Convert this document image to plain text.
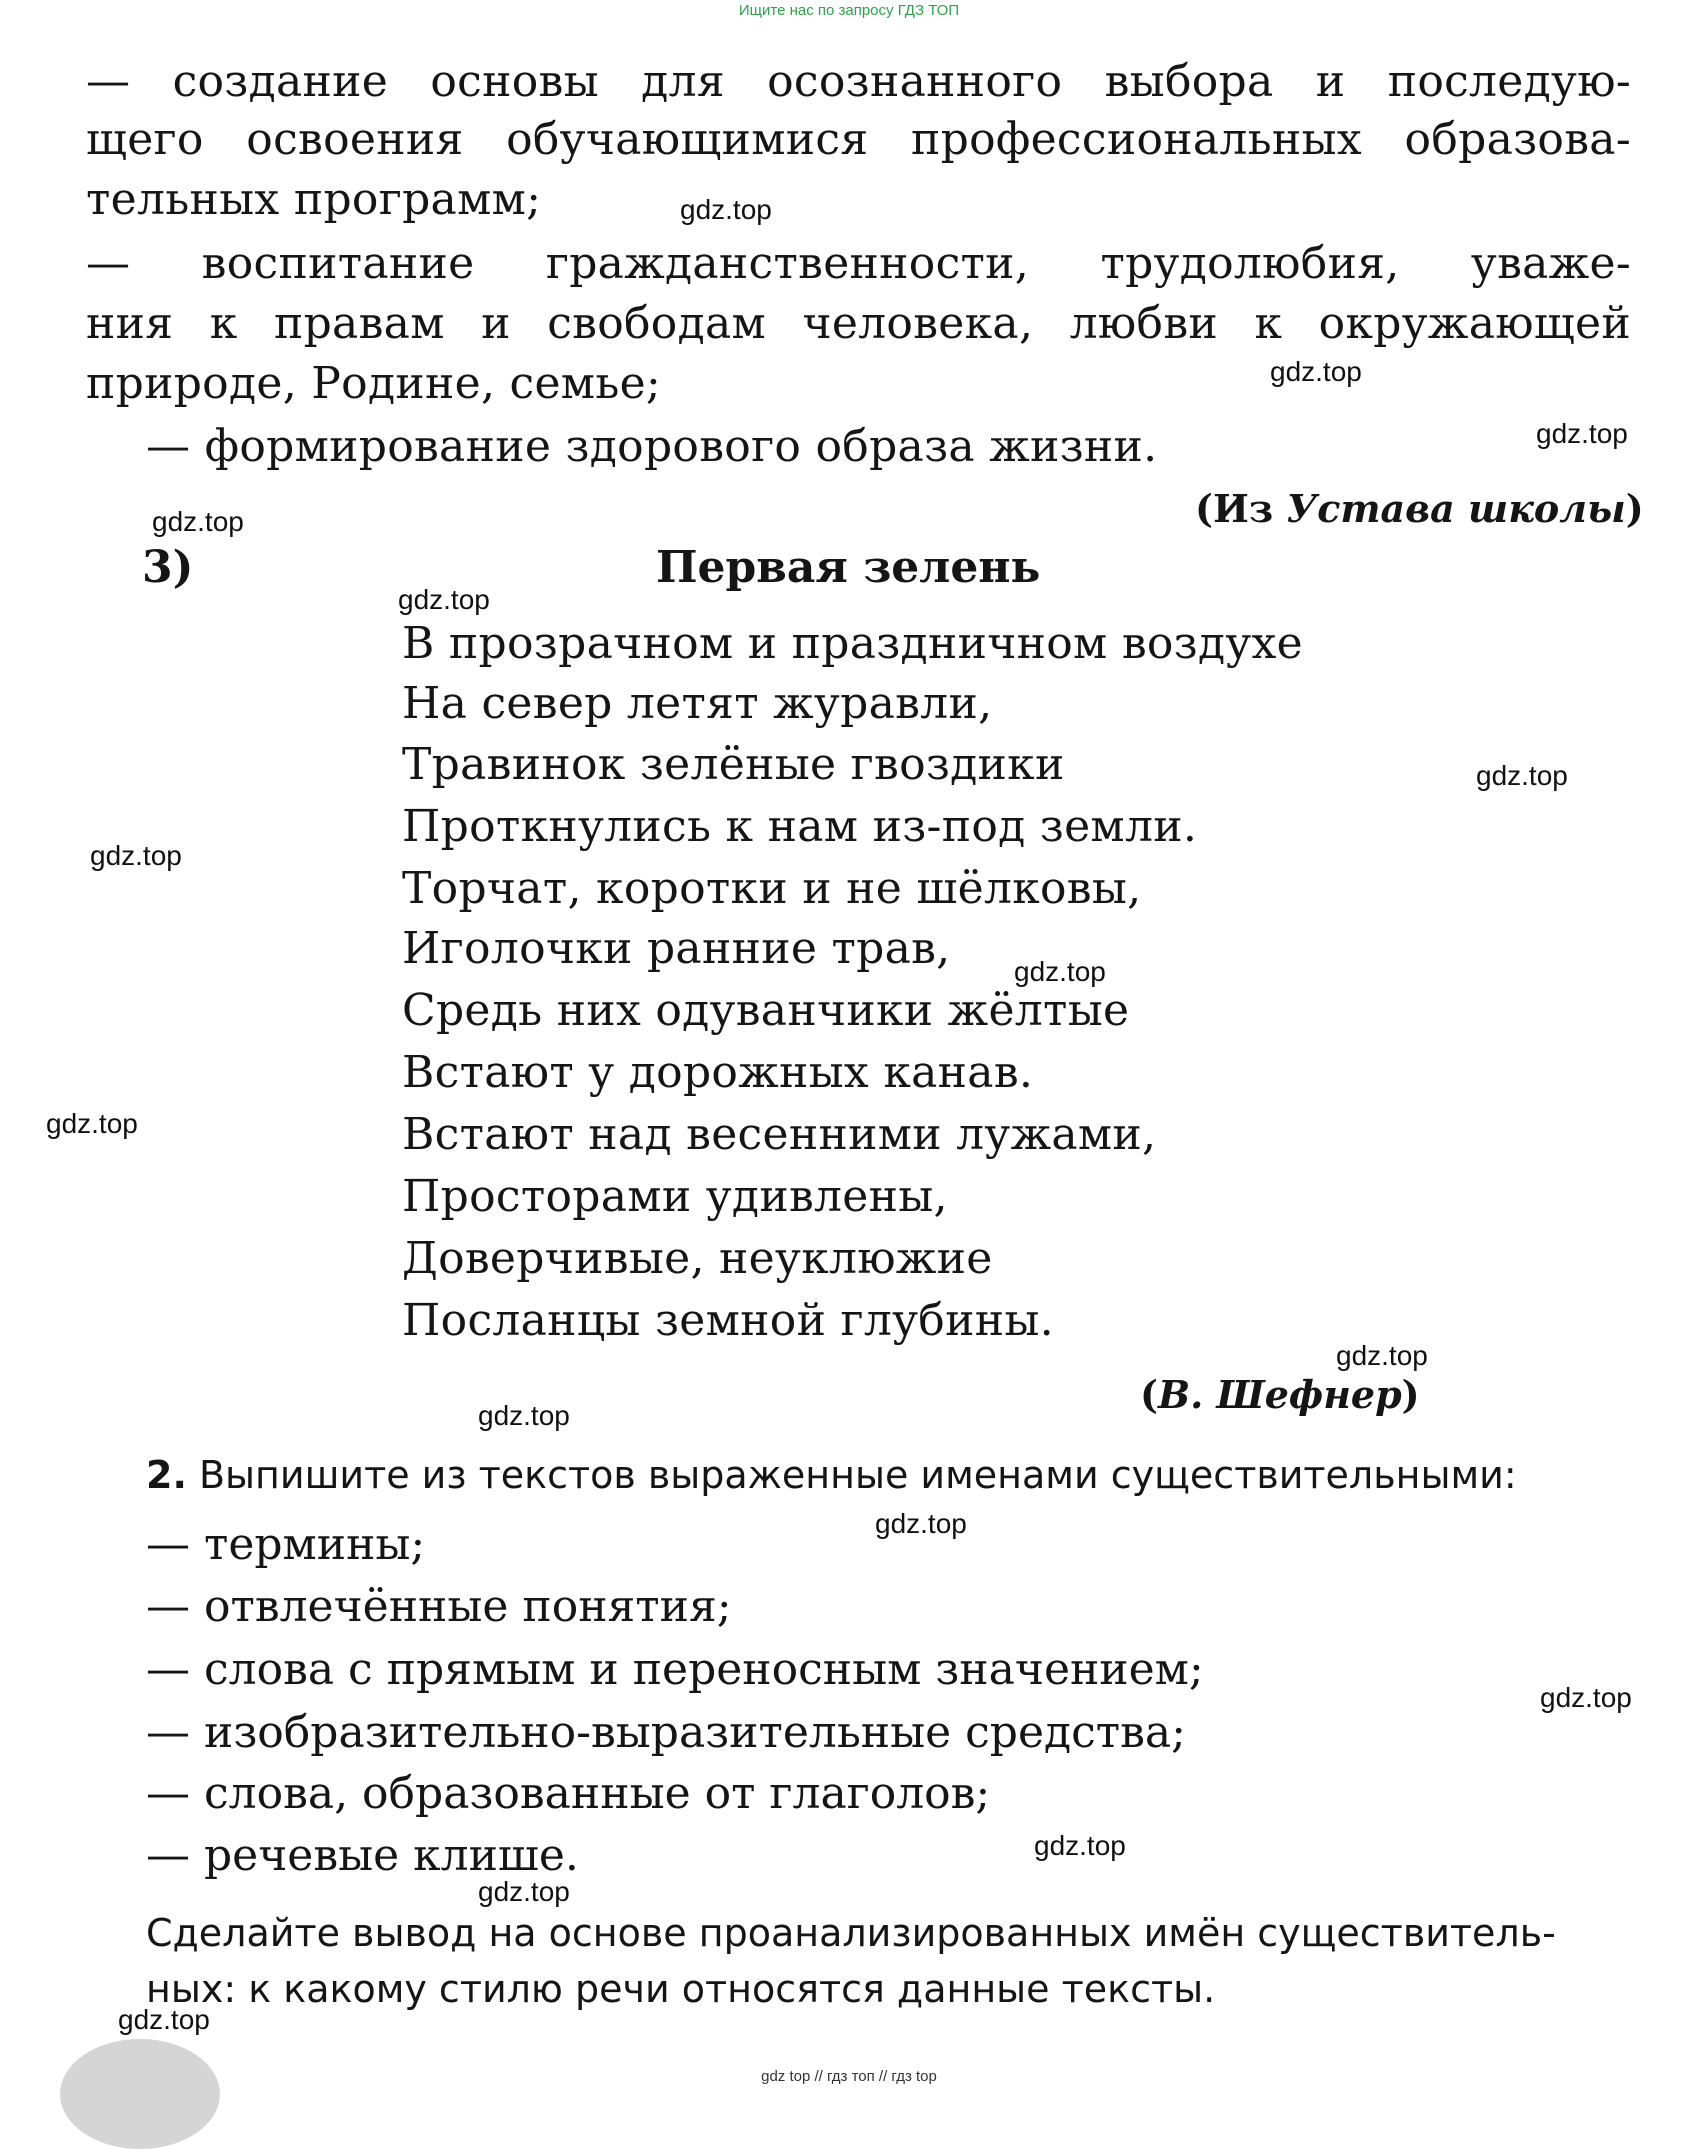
Ищите нас по запросу ГДЗ ТОП
— создание основы для осознанного выбора и последую-
щего освоения обучающимися профессиональных образова-
тельных программ;
— воспитание гражданственности, трудолюбия, уваже-
ния к правам и свободам человека, любви к окружающей
природе, Родине, семье;
— формирование здорового образа жизни.
(Из Устава школы)
3)	Первая зелень
В прозрачном и праздничном воздухе
На север летят журавли,
Травинок зелёные гвоздики
Проткнулись к нам из-под земли.
Торчат, коротки и не шёлковы,
Иголочки ранние трав,
Средь них одуванчики жёлтые
Встают у дорожных канав.
Встают над весенними лужами,
Просторами удивлены,
Доверчивые, неуклюжие
Посланцы земной глубины.
(В. Шефнер)
2. Выпишите из текстов выраженные именами существительными:
— термины;
— отвлечённые понятия;
— слова с прямым и переносным значением;
— изобразительно-выразительные средства;
— слова, образованные от глаголов;
— речевые клише.
Сделайте вывод на основе проанализированных имён существитель-
ных: к какому стилю речи относятся данные тексты.
gdz.top
gdz.top
gdz.top
gdz.top
gdz.top
gdz.top
gdz.top
gdz.top
gdz.top
gdz.top
gdz.top
gdz.top
gdz.top
gdz.top
gdz.top
gdz.top
gdz top // гдз топ // гдз top
